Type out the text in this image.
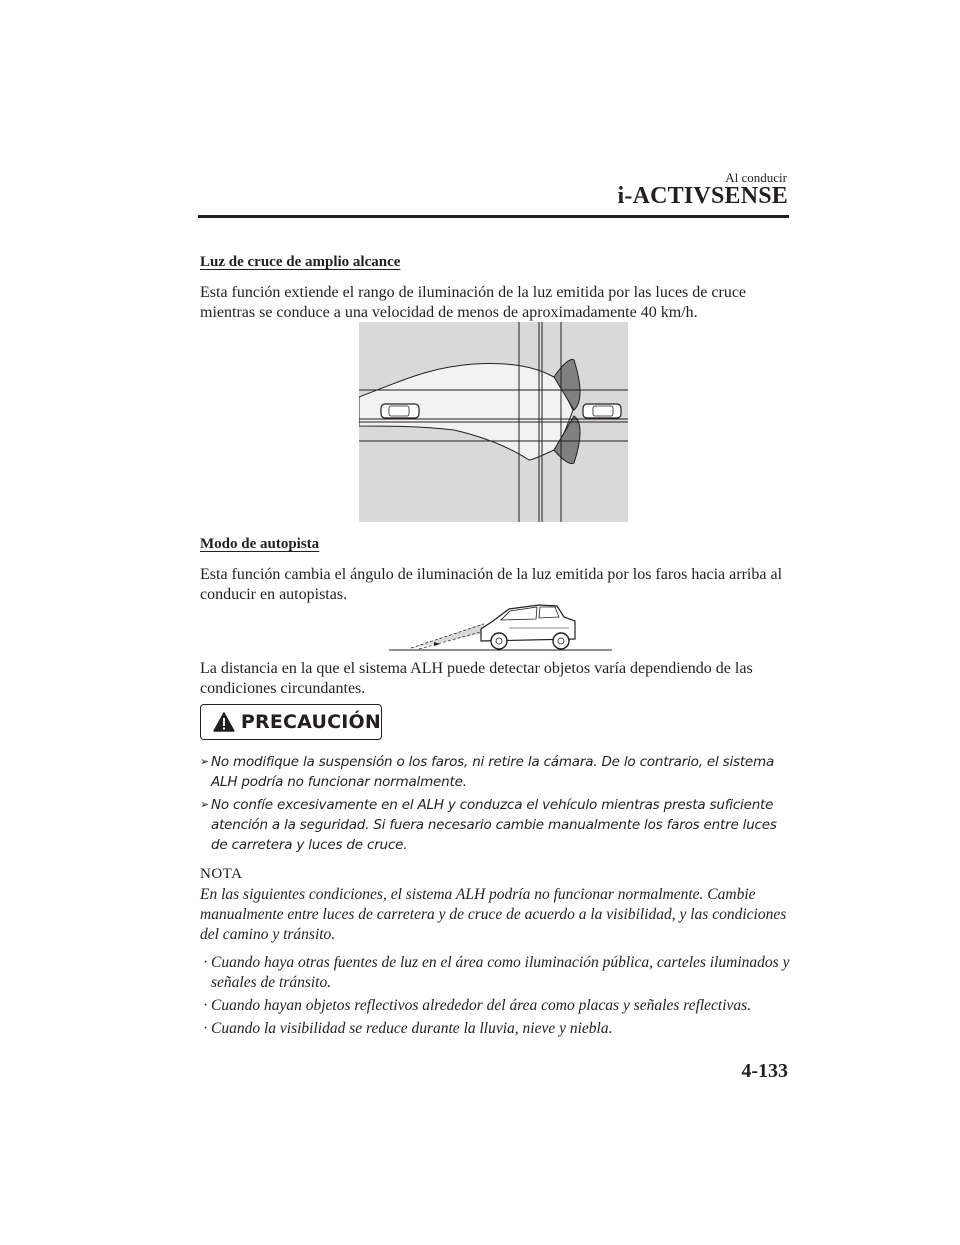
Al conducir
i-ACTIVSENSE
Luz de cruce de amplio alcance
Esta función extiende el rango de iluminación de la luz emitida por las luces de cruce mientras se conduce a una velocidad de menos de aproximadamente 40 km/h.
Modo de autopista
Esta función cambia el ángulo de iluminación de la luz emitida por los faros hacia arriba al conducir en autopistas.
La distancia en la que el sistema ALH puede detectar objetos varía dependiendo de las condiciones circundantes.
PRECAUCIÓN
➢ No modifique la suspensión o los faros, ni retire la cámara. De lo contrario, el sistema ALH podría no funcionar normalmente.
➢ No confíe excesivamente en el ALH y conduzca el vehículo mientras presta suficiente atención a la seguridad. Si fuera necesario cambie manualmente los faros entre luces de carretera y luces de cruce.
NOTA
En las siguientes condiciones, el sistema ALH podría no funcionar normalmente. Cambie manualmente entre luces de carretera y de cruce de acuerdo a la visibilidad, y las condiciones del camino y tránsito.
· Cuando haya otras fuentes de luz en el área como iluminación pública, carteles iluminados y señales de tránsito.
· Cuando hayan objetos reflectivos alrededor del área como placas y señales reflectivas.
· Cuando la visibilidad se reduce durante la lluvia, nieve y niebla.
4-133
